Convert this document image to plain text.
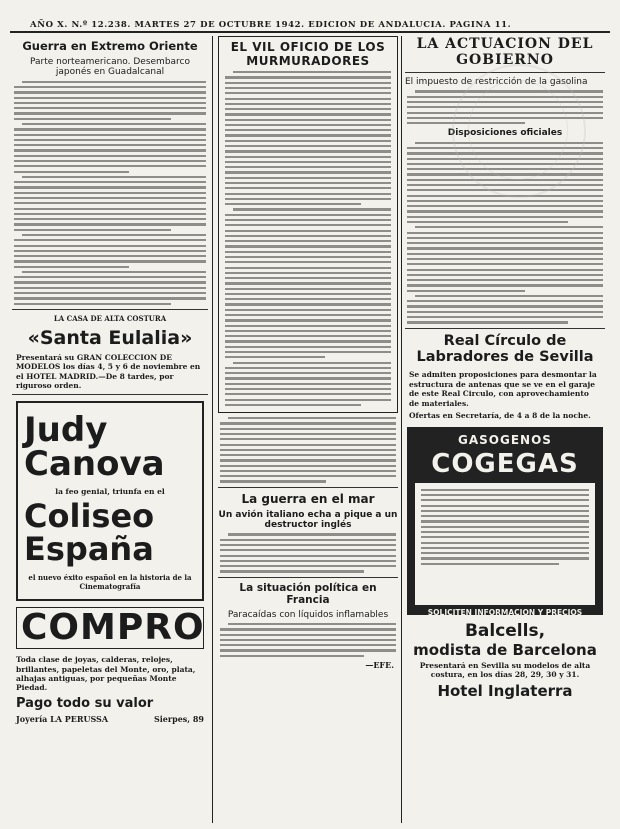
AÑO X. N.º 12.238. MARTES 27 DE OCTUBRE 1942. EDICION DE ANDALUCIA. PAGINA 11.
Guerra en Extremo Oriente
Parte norteamericano. Desembarco japonés en Guadalcanal
LA CASA DE ALTA COSTURA
«Santa Eulalia»
Presentará su GRAN COLECCION DE MODELOS los días 4, 5 y 6 de noviembre en el HOTEL MADRID.—De 8 tardes, por riguroso orden.
Judy
Canova
la feo genial, triunfa en el
Coliseo
España
el nuevo éxito español en la historia de la Cinematografía
COMPRO
Toda clase de joyas, calderas, relojes, brillantes, papeletas del Monte, oro, plata, alhajas antiguas, por pequeñas Monte Piedad.
Pago todo su valor
Joyería LA PERUSSA	Sierpes, 89
EL VIL OFICIO DE LOS
MURMURADORES
La guerra en el mar
Un avión italiano echa a pique a un destructor inglés
La situación política en Francia
Paracaídas con líquidos inflamables
—EFE.
LA ACTUACION DEL
GOBIERNO
El impuesto de restricción de la gasolina
Disposiciones oficiales
Real Círculo de Labradores de Sevilla
Se admiten proposiciones para desmontar la estructura de antenas que se ve en el garaje de este Real Circulo, con aprovechamiento de materiales.
Ofertas en Secretaría, de 4 a 8 de la noche.
GASOGENOS
COGEGAS
SOLICITEN INFORMACION Y PRECIOS
Balcells,
modista de Barcelona
Presentará en Sevilla su modelos de alta costura, en los días 28, 29, 30 y 31.
Hotel Inglaterra
